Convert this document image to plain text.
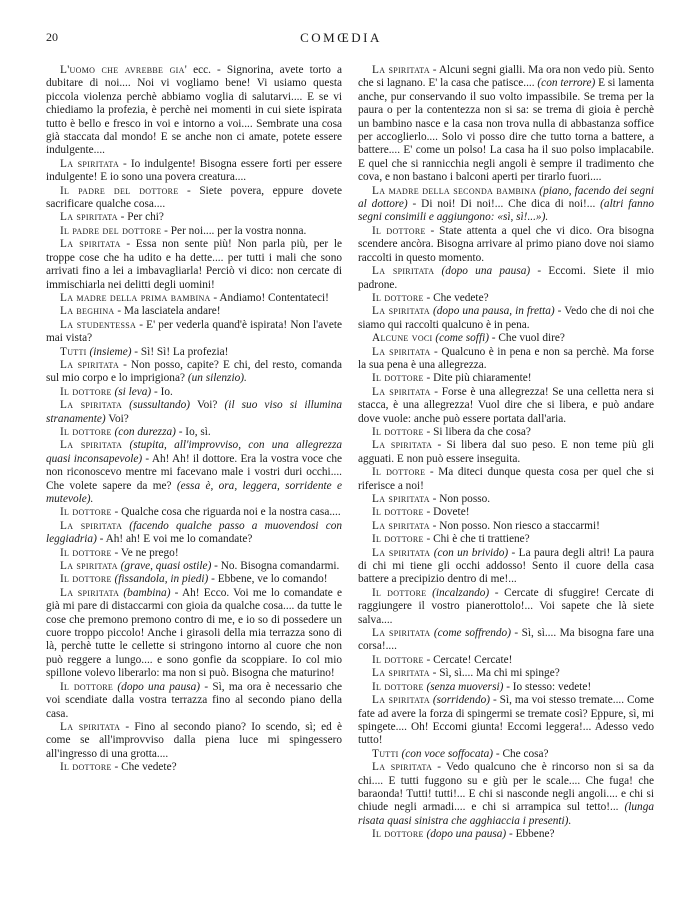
20	COMŒDIA

L'uomo che avrebbe gia' ecc. - Signorina, avete torto a dubitare di noi.... Noi vi vogliamo bene! Vi usiamo questa piccola violenza perchè abbiamo voglia di salutarvi.... E se vi chiediamo la profezia, è perchè nei momenti in cui siete ispirata tutto è bello e fresco in voi e intorno a voi.... Sembrate una cosa già staccata dal mondo! E se anche non ci amate, potete essere indulgente....

La spiritata - Io indulgente! Bisogna essere forti per essere indulgente! E io sono una povera creatura....

Il padre del dottore - Siete povera, eppure dovete sacrificare qualche cosa....

La spiritata - Per chi?

Il padre del dottore - Per noi.... per la vostra nonna.

La spiritata - Essa non sente più! Non parla più, per le troppe cose che ha udito e ha dette.... per tutti i mali che sono arrivati fino a lei a imbavagliarla! Perciò vi dico: non cercate di immischiarla nei delitti degli uomini!

La madre della prima bambina - Andiamo! Contentateci!

La beghina - Ma lasciatela andare!

La studentessa - E' per vederla quand'è ispirata! Non l'avete mai vista?

Tutti (insieme) - Sì! Sì! La profezia!

La spiritata - Non posso, capite? E chi, del resto, comanda sul mio corpo e lo imprigiona? (un silenzio).

Il dottore (si leva) - Io.

La spiritata (sussultando) Voi? (il suo viso si illumina stranamente) Voi?

Il dottore (con durezza) - Io, sì.

La spiritata (stupita, all'improvviso, con una allegrezza quasi inconsapevole) - Ah! Ah! il dottore. Era la vostra voce che non riconoscevo mentre mi facevano male i vostri duri occhi.... Che volete sapere da me? (essa è, ora, leggera, sorridente e mutevole).

Il dottore - Qualche cosa che riguarda noi e la nostra casa....

La spiritata (facendo qualche passo a muovendosi con leggiadria) - Ah! ah! E voi me lo comandate?

Il dottore - Ve ne prego!

La spiritata (grave, quasi ostile) - No. Bisogna comandarmi.

Il dottore (fissandola, in piedi) - Ebbene, ve lo comando!

La spiritata (bambina) - Ah! Ecco. Voi me lo comandate e già mi pare di distaccarmi con gioia da qualche cosa.... da tutte le cose che premono premono contro di me, e io so di possedere un cuore troppo piccolo! Anche i girasoli della mia terrazza sono di là, perchè tutte le cellette si stringono intorno al cuore che non può reggere a lungo.... e sono gonfie da scoppiare. Io col mio spillone volevo liberarlo: ma non si può. Bisogna che maturino!

Il dottore (dopo una pausa) - Sì, ma ora è necessario che voi scendiate dalla vostra terrazza fino al secondo piano della casa.

La spiritata - Fino al secondo piano? Io scendo, sì; ed è come se all'improvviso dalla piena luce mi spingessero all'ingresso di una grotta....

Il dottore - Che vedete?

La spiritata - Alcuni segni gialli. Ma ora non vedo più. Sento che si lagnano. E' la casa che patisce.... (con terrore) E si lamenta anche, pur conservando il suo volto impassibile. Se trema per la paura o per la contentezza non si sa: se trema di gioia è perchè un bambino nasce e la casa non trova nulla di abbastanza soffice per accoglierlo.... Solo vi posso dire che tutto torna a battere, a battere.... E' come un polso! La casa ha il suo polso implacabile. E quel che si rannicchia negli angoli è sempre il tradimento che cova, e non bastano i balconi aperti per tirarlo fuori....

La madre della seconda bambina (piano, facendo dei segni al dottore) - Di noi! Di noi!... Che dica di noi!... (altri fanno segni consimili e aggiungono: «sì, sì!...»).

Il dottore - State attenta a quel che vi dico. Ora bisogna scendere ancòra. Bisogna arrivare al primo piano dove noi siamo raccolti in questo momento.

La spiritata (dopo una pausa) - Eccomi. Siete il mio padrone.

Il dottore - Che vedete?

La spiritata (dopo una pausa, in fretta) - Vedo che di noi che siamo qui raccolti qualcuno è in pena.

Alcune voci (come soffi) - Che vuol dire?

La spiritata - Qualcuno è in pena e non sa perchè. Ma forse la sua pena è una allegrezza.

Il dottore - Dite più chiaramente!

La spiritata - Forse è una allegrezza! Se una celletta nera si stacca, è una allegrezza! Vuol dire che si libera, e può andare dove vuole: anche può essere portata dall'aria.

Il dottore - Si libera da che cosa?

La spiritata - Si libera dal suo peso. E non teme più gli agguati. E non può essere inseguita.

Il dottore - Ma diteci dunque questa cosa per quel che si riferisce a noi!

La spiritata - Non posso.

Il dottore - Dovete!

La spiritata - Non posso. Non riesco a staccarmi!

Il dottore - Chi è che ti trattiene?

La spiritata (con un brivido) - La paura degli altri! La paura di chi mi tiene gli occhi addosso! Sento il cuore della casa battere a precipizio dentro di me!...

Il dottore (incalzando) - Cercate di sfuggire! Cercate di raggiungere il vostro pianerottolo!... Voi sapete che là siete salva....

La spiritata (come soffrendo) - Sì, sì.... Ma bisogna fare una corsa!....

Il dottore - Cercate! Cercate!

La spiritata - Sì, sì.... Ma chi mi spinge?

Il dottore (senza muoversi) - Io stesso: vedete!

La spiritata (sorridendo) - Sì, ma voi stesso tremate.... Come fate ad avere la forza di spingermi se tremate così? Eppure, sì, mi spingete.... Oh! Eccomi giunta! Eccomi leggera!... Adesso vedo tutto!

Tutti (con voce soffocata) - Che cosa?

La spiritata - Vedo qualcuno che è rincorso non si sa da chi.... E tutti fuggono su e giù per le scale.... Che fuga! che baraonda! Tutti! tutti!... E chi si nasconde negli angoli.... e chi si chiude negli armadi.... e chi si arrampica sul tetto!... (lunga risata quasi sinistra che agghiaccia i presenti).

Il dottore (dopo una pausa) - Ebbene?
